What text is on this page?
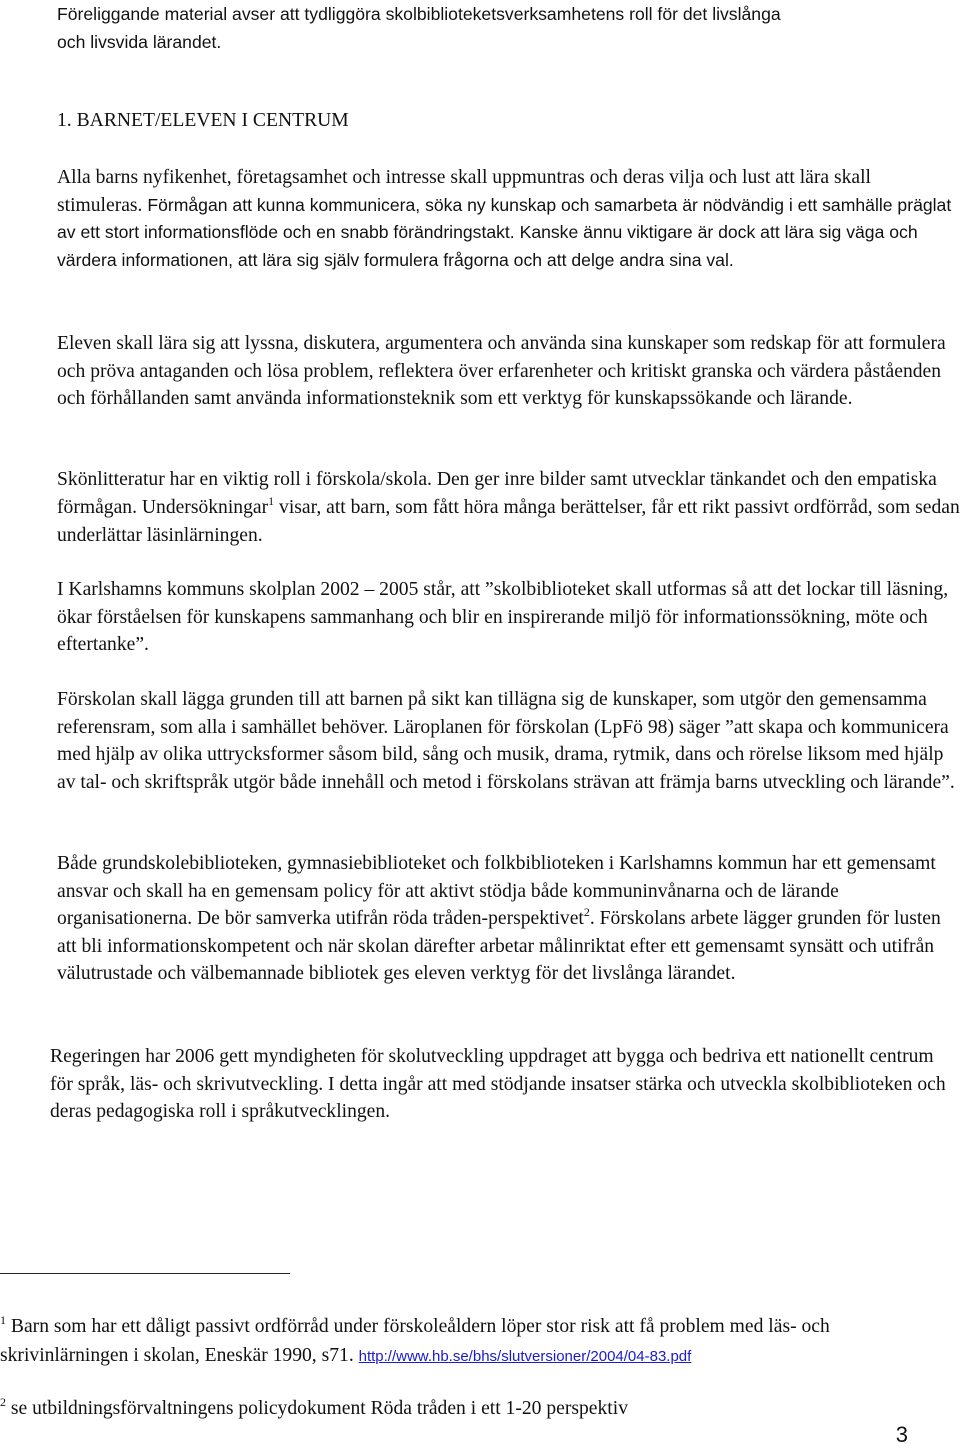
Föreliggande material avser att tydliggöra skolbiblioteketsverksamhetens roll för det livslånga
och livsvida lärandet.

1. BARNET/ELEVEN I CENTRUM

Alla barns nyfikenhet, företagsamhet och intresse skall uppmuntras och deras vilja och lust att lära skall stimuleras. Förmågan att kunna kommunicera, söka ny kunskap och samarbeta är nödvändig i ett samhälle präglat av ett stort informationsflöde och en snabb förändringstakt. Kanske ännu viktigare är dock att lära sig väga och värdera informationen, att lära sig själv formulera frågorna och att delge andra sina val.

Eleven skall lära sig att lyssna, diskutera, argumentera och använda sina kunskaper som redskap för att formulera och pröva antaganden och lösa problem, reflektera över erfarenheter och kritiskt granska och värdera påståenden och förhållanden samt använda informationsteknik som ett verktyg för kunskapssökande och lärande.

Skönlitteratur har en viktig roll i förskola/skola. Den ger inre bilder samt utvecklar tänkandet och den empatiska förmågan. Undersökningar$^1$ visar, att barn, som fått höra många berättelser, får ett rikt passivt ordförråd, som sedan underlättar läsinlärningen.

I Karlshamns kommuns skolplan 2002 – 2005 står, att ”skolbiblioteket skall utformas så att det lockar till läsning, ökar förståelsen för kunskapens sammanhang och blir en inspirerande miljö för informationssökning, möte och eftertanke”.

Förskolan skall lägga grunden till att barnen på sikt kan tillägna sig de kunskaper, som utgör den gemensamma referensram, som alla i samhället behöver. Läroplanen för förskolan (LpFö 98) säger ”att skapa och kommunicera med hjälp av olika uttrycksformer såsom bild, sång och musik, drama, rytmik, dans och rörelse liksom med hjälp av tal- och skriftspråk utgör både innehåll och metod i förskolans strävan att främja barns utveckling och lärande”.

Både grundskolebiblioteken, gymnasiebiblioteket och folkbiblioteken i Karlshamns kommun har ett gemensamt ansvar och skall ha en gemensam policy för att aktivt stödja både kommuninvånarna och de lärande organisationerna. De bör samverka utifrån röda tråden-perspektivet$^2$. Förskolans arbete lägger grunden för lusten att bli informationskompetent och när skolan därefter arbetar målinriktat efter ett gemensamt synsätt och utifrån välutrustade och välbemannade bibliotek ges eleven verktyg för det livslånga lärandet.

Regeringen har 2006 gett myndigheten för skolutveckling uppdraget att bygga och bedriva ett nationellt centrum för språk, läs- och skrivutveckling. I detta ingår att med stödjande insatser stärka och utveckla skolbiblioteken och deras pedagogiska roll i språkutvecklingen.

$^1$ Barn som har ett dåligt passivt ordförråd under förskoleåldern löper stor risk att få problem med läs- och skrivinlärningen i skolan, Eneskär 1990, s71. http://www.hb.se/bhs/slutversioner/2004/04-83.pdf

$^2$ se utbildningsförvaltningens policydokument Röda tråden i ett 1-20 perspektiv

3
